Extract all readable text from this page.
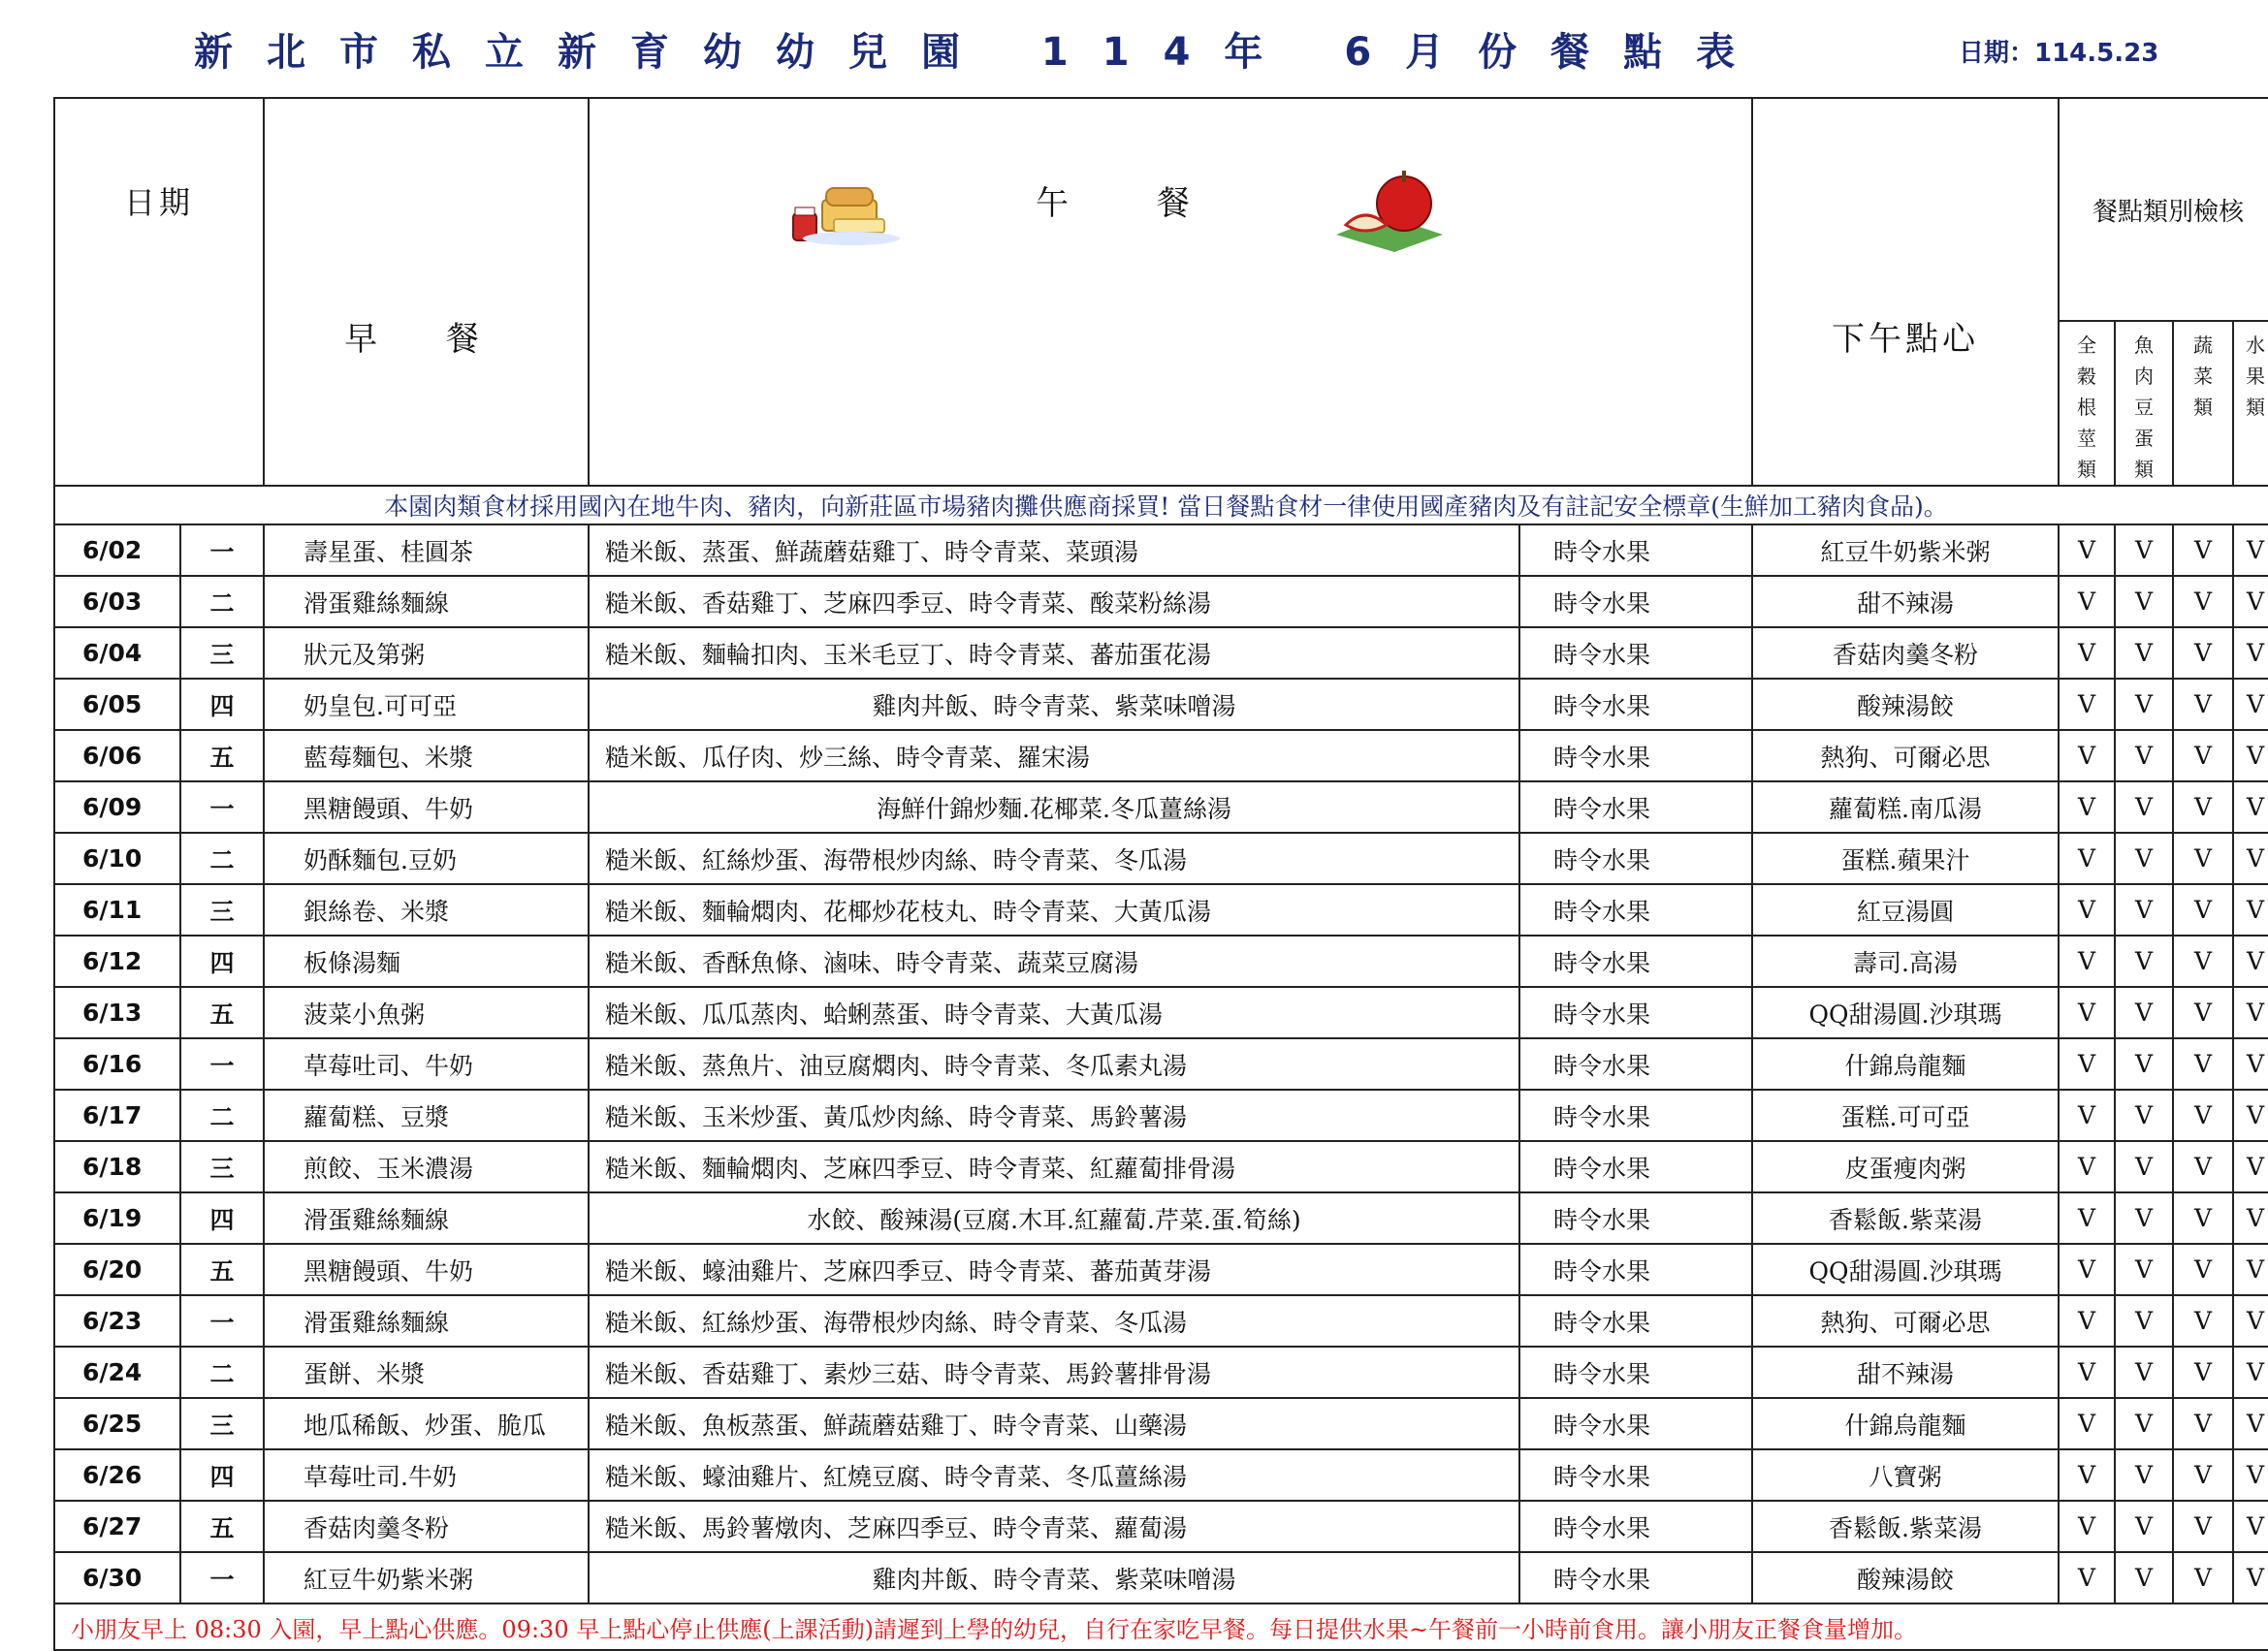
新北市私立新育幼幼兒園 114年 6月份餐點表	日期：114.5.23
日期		早 餐	午 餐		下午點心	餐點類別檢核			
						全
穀
根
莖
類	魚
肉
豆
蛋
類	蔬
菜
類	水
果
類
本園肉類食材採用國內在地牛肉、豬肉，向新莊區市場豬肉攤供應商採買! 當日餐點食材一律使用國產豬肉及有註記安全標章(生鮮加工豬肉食品)。									
6/02	一	壽星蛋、桂圓茶	糙米飯、蒸蛋、鮮蔬蘑菇雞丁、時令青菜、菜頭湯	時令水果	紅豆牛奶紫米粥	V	V	V	V
6/03	二	滑蛋雞絲麵線	糙米飯、香菇雞丁、芝麻四季豆、時令青菜、酸菜粉絲湯	時令水果	甜不辣湯	V	V	V	V
6/04	三	狀元及第粥	糙米飯、麵輪扣肉、玉米毛豆丁、時令青菜、蕃茄蛋花湯	時令水果	香菇肉羹冬粉	V	V	V	V
6/05	四	奶皇包.可可亞	雞肉丼飯、時令青菜、紫菜味噌湯	時令水果	酸辣湯餃	V	V	V	V
6/06	五	藍莓麵包、米漿	糙米飯、瓜仔肉、炒三絲、時令青菜、羅宋湯	時令水果	熱狗、可爾必思	V	V	V	V
6/09	一	黑糖饅頭、牛奶	海鮮什錦炒麵.花椰菜.冬瓜薑絲湯	時令水果	蘿蔔糕.南瓜湯	V	V	V	V
6/10	二	奶酥麵包.豆奶	糙米飯、紅絲炒蛋、海帶根炒肉絲、時令青菜、冬瓜湯	時令水果	蛋糕.蘋果汁	V	V	V	V
6/11	三	銀絲卷、米漿	糙米飯、麵輪燜肉、花椰炒花枝丸、時令青菜、大黃瓜湯	時令水果	紅豆湯圓	V	V	V	V
6/12	四	板條湯麵	糙米飯、香酥魚條、滷味、時令青菜、蔬菜豆腐湯	時令水果	壽司.高湯	V	V	V	V
6/13	五	菠菜小魚粥	糙米飯、瓜瓜蒸肉、蛤蜊蒸蛋、時令青菜、大黃瓜湯	時令水果	QQ甜湯圓.沙琪瑪	V	V	V	V
6/16	一	草莓吐司、牛奶	糙米飯、蒸魚片、油豆腐燜肉、時令青菜、冬瓜素丸湯	時令水果	什錦烏龍麵	V	V	V	V
6/17	二	蘿蔔糕、豆漿	糙米飯、玉米炒蛋、黃瓜炒肉絲、時令青菜、馬鈴薯湯	時令水果	蛋糕.可可亞	V	V	V	V
6/18	三	煎餃、玉米濃湯	糙米飯、麵輪燜肉、芝麻四季豆、時令青菜、紅蘿蔔排骨湯	時令水果	皮蛋瘦肉粥	V	V	V	V
6/19	四	滑蛋雞絲麵線	水餃、酸辣湯(豆腐.木耳.紅蘿蔔.芹菜.蛋.筍絲)	時令水果	香鬆飯.紫菜湯	V	V	V	V
6/20	五	黑糖饅頭、牛奶	糙米飯、蠔油雞片、芝麻四季豆、時令青菜、蕃茄黃芽湯	時令水果	QQ甜湯圓.沙琪瑪	V	V	V	V
6/23	一	滑蛋雞絲麵線	糙米飯、紅絲炒蛋、海帶根炒肉絲、時令青菜、冬瓜湯	時令水果	熱狗、可爾必思	V	V	V	V
6/24	二	蛋餅、米漿	糙米飯、香菇雞丁、素炒三菇、時令青菜、馬鈴薯排骨湯	時令水果	甜不辣湯	V	V	V	V
6/25	三	地瓜稀飯、炒蛋、脆瓜	糙米飯、魚板蒸蛋、鮮蔬蘑菇雞丁、時令青菜、山藥湯	時令水果	什錦烏龍麵	V	V	V	V
6/26	四	草莓吐司.牛奶	糙米飯、蠔油雞片、紅燒豆腐、時令青菜、冬瓜薑絲湯	時令水果	八寶粥	V	V	V	V
6/27	五	香菇肉羹冬粉	糙米飯、馬鈴薯燉肉、芝麻四季豆、時令青菜、蘿蔔湯	時令水果	香鬆飯.紫菜湯	V	V	V	V
6/30	一	紅豆牛奶紫米粥	雞肉丼飯、時令青菜、紫菜味噌湯	時令水果	酸辣湯餃	V	V	V	V
小朋友早上 08:30 入園，早上點心供應。09:30 早上點心停止供應(上課活動)請遲到上學的幼兒，自行在家吃早餐。每日提供水果~午餐前一小時前食用。讓小朋友正餐食量增加。									
